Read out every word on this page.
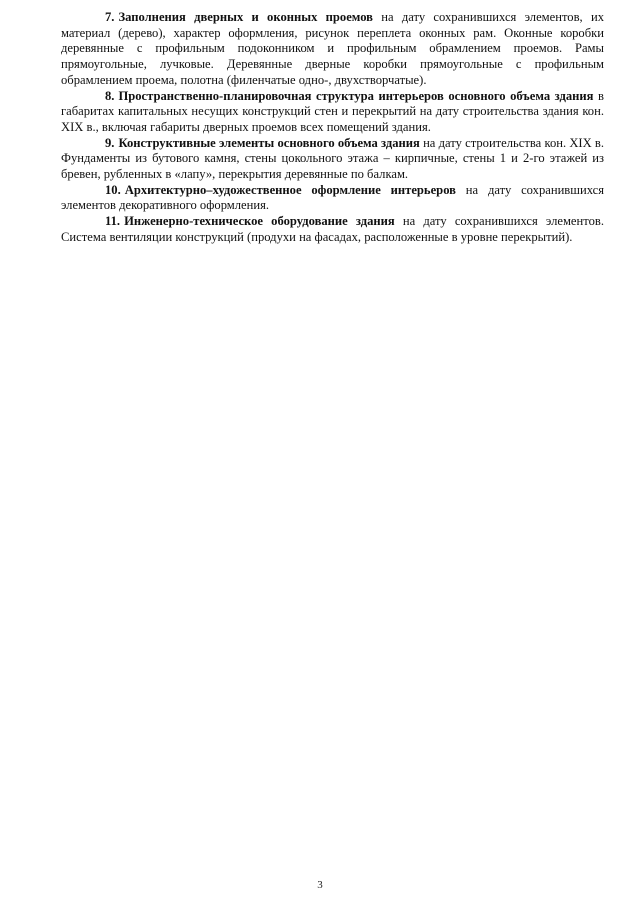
7. Заполнения дверных и оконных проемов на дату сохранившихся элементов, их материал (дерево), характер оформления, рисунок переплета оконных рам. Оконные коробки деревянные с профильным подоконником и профильным обрамлением проемов. Рамы прямоугольные, лучковые. Деревянные дверные коробки прямоугольные с профильным обрамлением проема, полотна (филенчатые одно-, двухстворчатые).

8. Пространственно-планировочная структура интерьеров основного объема здания в габаритах капитальных несущих конструкций стен и перекрытий на дату строительства здания кон. XIX в., включая габариты дверных проемов всех помещений здания.

9. Конструктивные элементы основного объема здания на дату строительства кон. XIX в. Фундаменты из бутового камня, стены цокольного этажа – кирпичные, стены 1 и 2-го этажей из бревен, рубленных в «лапу», перекрытия деревянные по балкам.

10. Архитектурно–художественное оформление интерьеров на дату сохранившихся элементов декоративного оформления.

11. Инженерно-техническое оборудование здания на дату сохранившихся элементов. Система вентиляции конструкций (продухи на фасадах, расположенные в уровне перекрытий).

3
